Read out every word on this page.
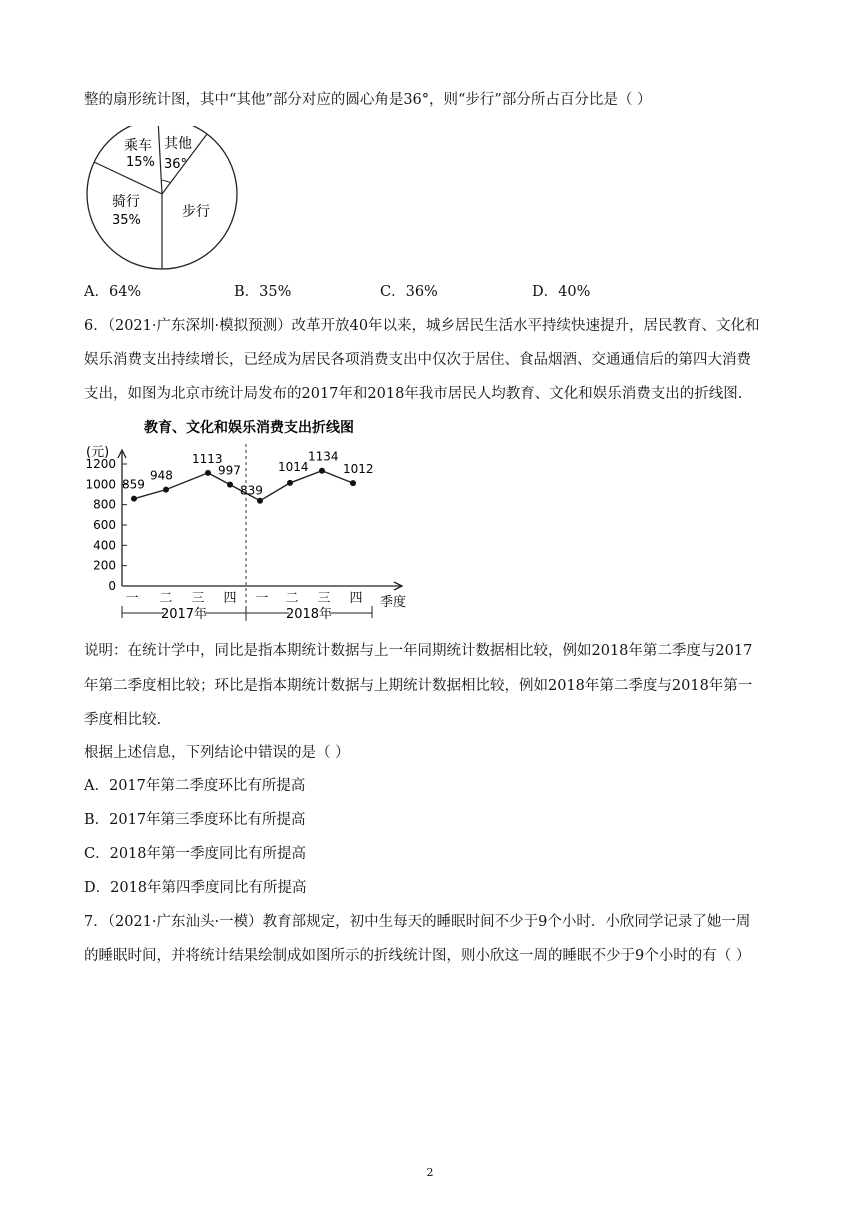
整的扇形统计图，其中“其他”部分对应的圆心角是36°，则“步行”部分所占百分比是（ ）
乘车
15%
其他
36°
步行
骑行
35%
A．64%	B．35%	C．36%	D．40%
6．（2021·广东深圳·模拟预测）改革开放40年以来，城乡居民生活水平持续快速提升，居民教育、文化和
娱乐消费支出持续增长，已经成为居民各项消费支出中仅次于居住、食品烟酒、交通通信后的第四大消费
支出，如图为北京市统计局发布的2017年和2018年我市居民人均教育、文化和娱乐消费支出的折线图.
教育、文化和娱乐消费支出折线图
(元)
0
200
400
600
800
1000
1200
859
948
1113
997
839
1014
1134
1012
一 二 三 四 一 二 三 四
2017年	2018年
季度
说明：在统计学中，同比是指本期统计数据与上一年同期统计数据相比较，例如2018年第二季度与2017
年第二季度相比较；环比是指本期统计数据与上期统计数据相比较，例如2018年第二季度与2018年第一
季度相比较.
根据上述信息，下列结论中错误的是（ ）
A．2017年第二季度环比有所提高
B．2017年第三季度环比有所提高
C．2018年第一季度同比有所提高
D．2018年第四季度同比有所提高
7．（2021·广东汕头·一模）教育部规定，初中生每天的睡眠时间不少于9个小时．小欣同学记录了她一周
的睡眠时间，并将统计结果绘制成如图所示的折线统计图，则小欣这一周的睡眠不少于9个小时的有（ ）
2
